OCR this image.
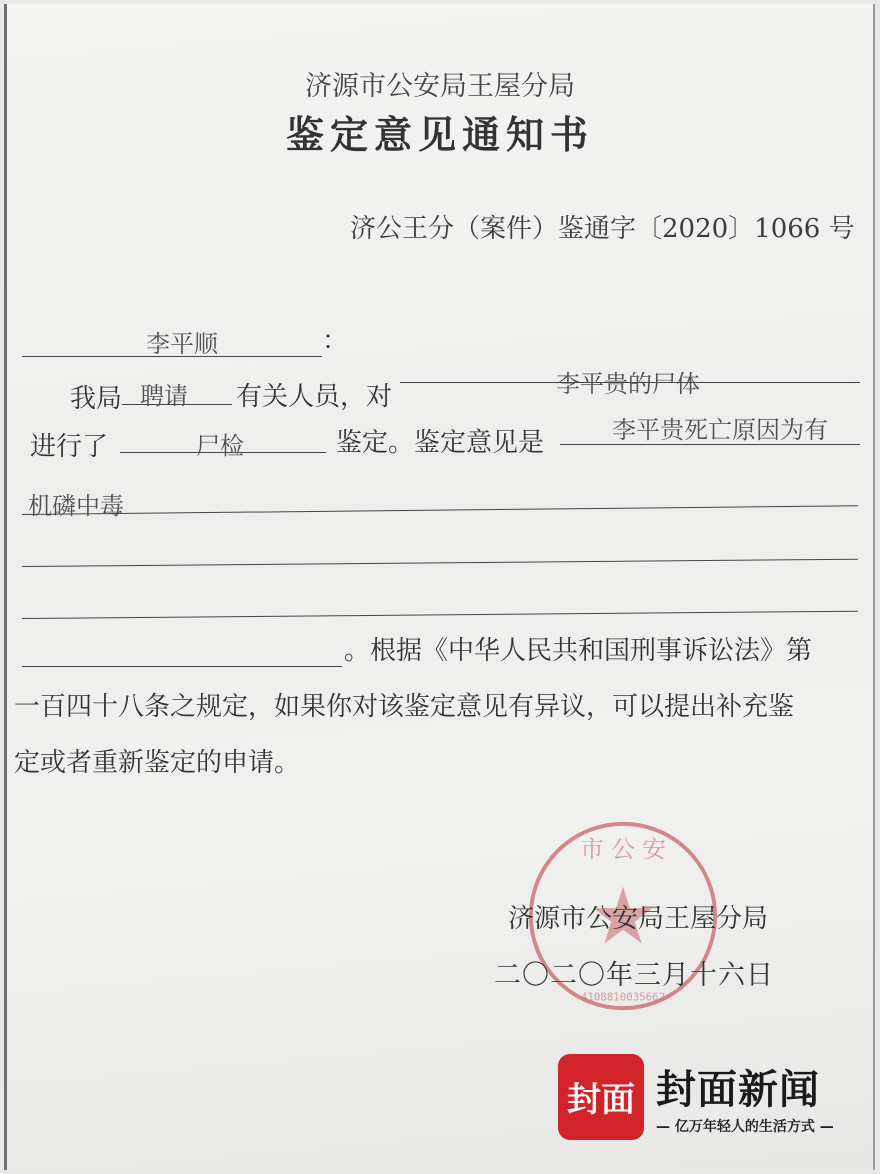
济源市公安局王屋分局
鉴定意见通知书
济公王分（案件）鉴通字〔2020〕1066 号
李平顺	：
我局 聘请 有关人员，对	李平贵的尸体
进行了	尸检	鉴定。鉴定意见是	李平贵死亡原因为有
机磷中毒
。根据《中华人民共和国刑事诉讼法》第
一百四十八条之规定，如果你对该鉴定意见有异议，可以提出补充鉴
定或者重新鉴定的申请。
市 公 安
4108810035662
济源市公安局王屋分局
二〇二〇年三月十六日
封面 封面新闻
— 亿万年轻人的生活方式 —
